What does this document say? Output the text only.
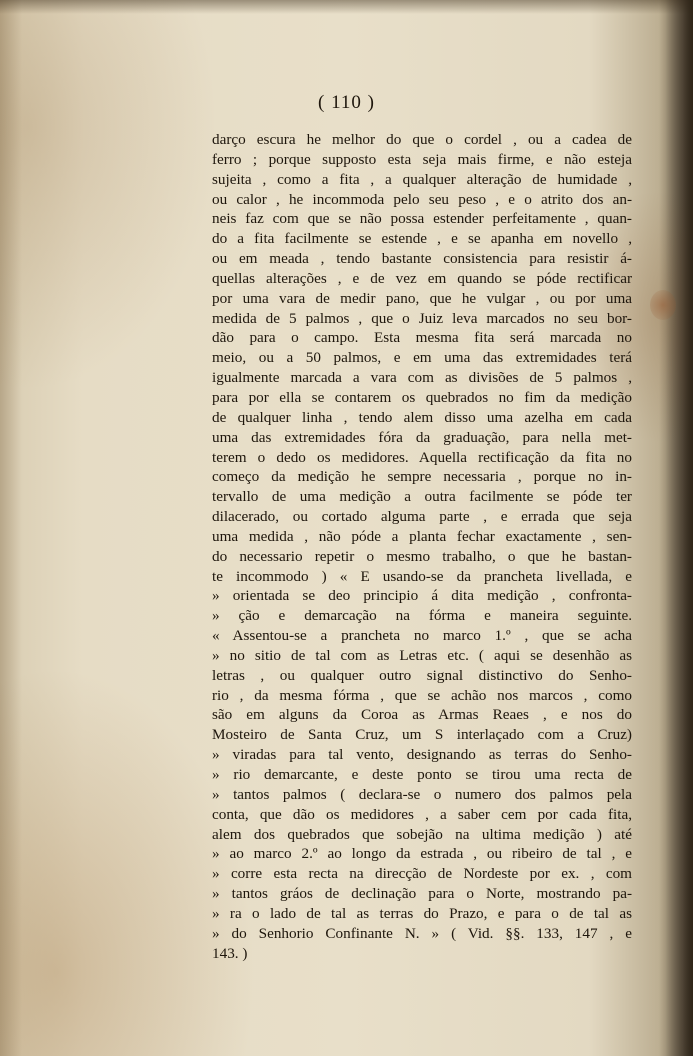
( 110 )
darço escura he melhor do que o cordel , ou a cadea de
ferro ; porque supposto esta seja mais firme, e não esteja
sujeita , como a fita , a qualquer alteração de humidade ,
ou calor , he incommoda pelo seu peso , e o atrito dos an-
neis faz com que se não possa estender perfeitamente , quan-
do a fita facilmente se estende , e se apanha em novello ,
ou em meada , tendo bastante consistencia para resistir á-
quellas alterações , e de vez em quando se póde rectificar
por uma vara de medir pano, que he vulgar , ou por uma
medida de 5 palmos , que o Juiz leva marcados no seu bor-
dão para o campo. Esta mesma fita será marcada no
meio, ou a 50 palmos, e em uma das extremidades terá
igualmente marcada a vara com as divisões de 5 palmos ,
para por ella se contarem os quebrados no fim da medição
de qualquer linha , tendo alem disso uma azelha em cada
uma das extremidades fóra da graduação, para nella met-
terem o dedo os medidores. Aquella rectificação da fita no
começo da medição he sempre necessaria , porque no in-
tervallo de uma medição a outra facilmente se póde ter
dilacerado, ou cortado alguma parte , e errada que seja
uma medida , não póde a planta fechar exactamente , sen-
do necessario repetir o mesmo trabalho, o que he bastan-
te incommodo ) « E usando-se da prancheta livellada, e
» orientada se deo principio á dita medição , confronta-
» ção e demarcação na fórma e maneira seguinte.
« Assentou-se a prancheta no marco 1.º , que se acha
» no sitio de tal com as Letras etc. ( aqui se desenhão as
letras , ou qualquer outro signal distinctivo do Senho-
rio , da mesma fórma , que se achão nos marcos , como
são em alguns da Coroa as Armas Reaes , e nos do
Mosteiro de Santa Cruz, um S interlaçado com a Cruz)
» viradas para tal vento, designando as terras do Senho-
» rio demarcante, e deste ponto se tirou uma recta de
» tantos palmos ( declara-se o numero dos palmos pela
conta, que dão os medidores , a saber cem por cada fita,
alem dos quebrados que sobejão na ultima medição ) até
» ao marco 2.º ao longo da estrada , ou ribeiro de tal , e
» corre esta recta na direcção de Nordeste por ex. , com
» tantos gráos de declinação para o Norte, mostrando pa-
» ra o lado de tal as terras do Prazo, e para o de tal as
» do Senhorio Confinante N. » ( Vid. §§. 133, 147 , e
143. )
